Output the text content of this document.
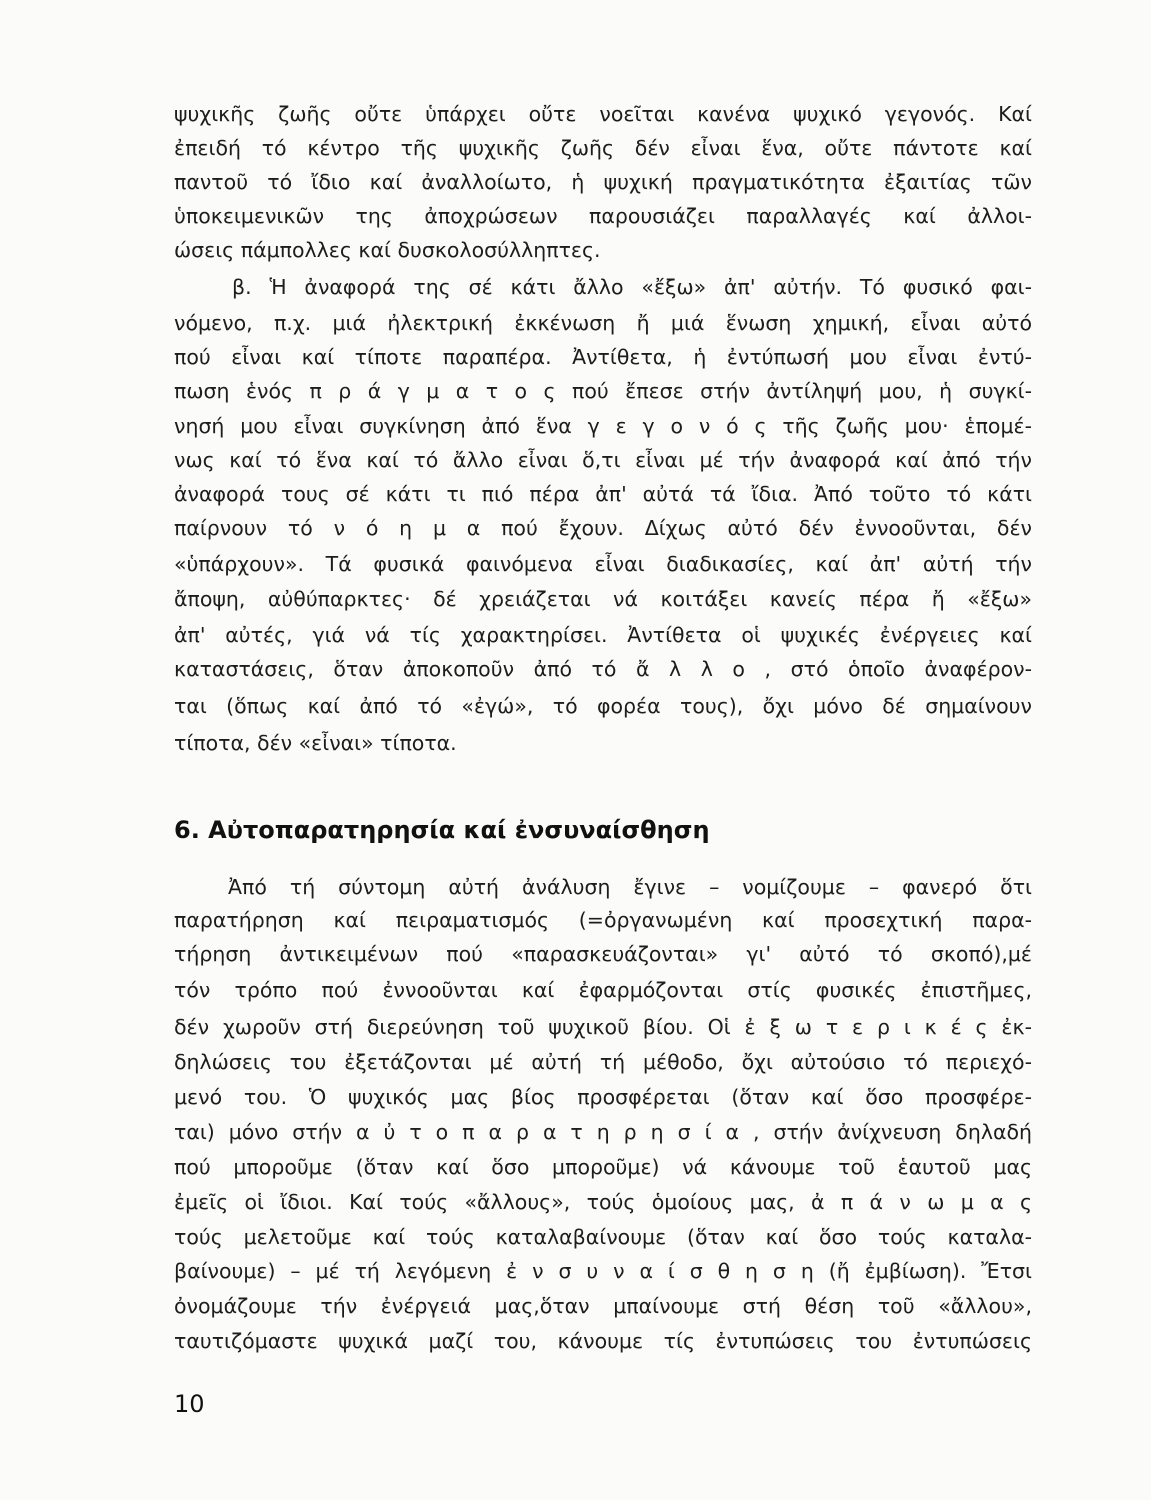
ψυχικῆς ζωῆς οὔτε ὑπάρχει οὔτε νοεῖται κανένα ψυχικό γεγονός. Καί
ἐπειδή τό κέντρο τῆς ψυχικῆς ζωῆς δέν εἶναι ἕνα, οὔτε πάντοτε καί
παντοῦ τό ἴδιο καί ἀναλλοίωτο, ἡ ψυχική πραγματικότητα ἐξαιτίας τῶν
ὑποκειμενικῶν της ἀποχρώσεων παρουσιάζει παραλλαγές καί ἀλλοι-
ώσεις πάμπολλες καί δυσκολοσύλληπτες.
β. Ἡ ἀναφορά της σέ κάτι ἄλλο «ἔξω» ἀπ' αὐτήν. Τό φυσικό φαι-
νόμενο, π.χ. μιά ἠλεκτρική ἐκκένωση ἤ μιά ἕνωση χημική, εἶναι αὐτό
πού εἶναι καί τίποτε παραπέρα. Ἀντίθετα, ἡ ἐντύπωσή μου εἶναι ἐντύ-
πωση ἑνός π ρ ά γ μ α τ ο ς πού ἔπεσε στήν ἀντίληψή μου, ἡ συγκί-
νησή μου εἶναι συγκίνηση ἀπό ἕνα γ ε γ ο ν ό ς τῆς ζωῆς μου· ἑπομέ-
νως καί τό ἕνα καί τό ἄλλο εἶναι ὅ,τι εἶναι μέ τήν ἀναφορά καί ἀπό τήν
ἀναφορά τους σέ κάτι τι πιό πέρα ἀπ' αὐτά τά ἴδια. Ἀπό τοῦτο τό κάτι
παίρνουν τό ν ό η μ α πού ἔχουν. Δίχως αὐτό δέν ἐννοοῦνται, δέν
«ὑπάρχουν». Τά φυσικά φαινόμενα εἶναι διαδικασίες, καί ἀπ' αὐτή τήν
ἄποψη, αὐθύπαρκτες· δέ χρειάζεται νά κοιτάξει κανείς πέρα ἤ «ἔξω»
ἀπ' αὐτές, γιά νά τίς χαρακτηρίσει. Ἀντίθετα οἱ ψυχικές ἐνέργειες καί
καταστάσεις, ὅταν ἀποκοποῦν ἀπό τό ἄ λ λ ο , στό ὁποῖο ἀναφέρον-
ται (ὅπως καί ἀπό τό «ἐγώ», τό φορέα τους), ὄχι μόνο δέ σημαίνουν
τίποτα, δέν «εἶναι» τίποτα.
6. Αὐτοπαρατηρησία καί ἐνσυναίσθηση
Ἀπό τή σύντομη αὐτή ἀνάλυση ἔγινε – νομίζουμε – φανερό ὅτι
παρατήρηση καί πειραματισμός (=ὀργανωμένη καί προσεχτική παρα-
τήρηση ἀντικειμένων πού «παρασκευάζονται» γι' αὐτό τό σκοπό),μέ
τόν τρόπο πού ἐννοοῦνται καί ἐφαρμόζονται στίς φυσικές ἐπιστῆμες,
δέν χωροῦν στή διερεύνηση τοῦ ψυχικοῦ βίου. Οἱ ἐ ξ ω τ ε ρ ι κ έ ς ἐκ-
δηλώσεις του ἐξετάζονται μέ αὐτή τή μέθοδο, ὄχι αὐτούσιο τό περιεχό-
μενό του. Ὁ ψυχικός μας βίος προσφέρεται (ὅταν καί ὅσο προσφέρε-
ται) μόνο στήν α ὐ τ ο π α ρ α τ η ρ η σ ί α , στήν ἀνίχνευση δηλαδή
πού μποροῦμε (ὅταν καί ὅσο μποροῦμε) νά κάνουμε τοῦ ἑαυτοῦ μας
ἐμεῖς οἱ ἴδιοι. Καί τούς «ἄλλους», τούς ὁμοίους μας, ἀ π ά ν ω μ α ς
τούς μελετοῦμε καί τούς καταλαβαίνουμε (ὅταν καί ὅσο τούς καταλα-
βαίνουμε) – μέ τή λεγόμενη ἐ ν σ υ ν α ί σ θ η σ η (ἤ ἐμβίωση). Ἔτσι
ὀνομάζουμε τήν ἐνέργειά μας,ὅταν μπαίνουμε στή θέση τοῦ «ἄλλου»,
ταυτιζόμαστε ψυχικά μαζί του, κάνουμε τίς ἐντυπώσεις του ἐντυπώσεις
10
